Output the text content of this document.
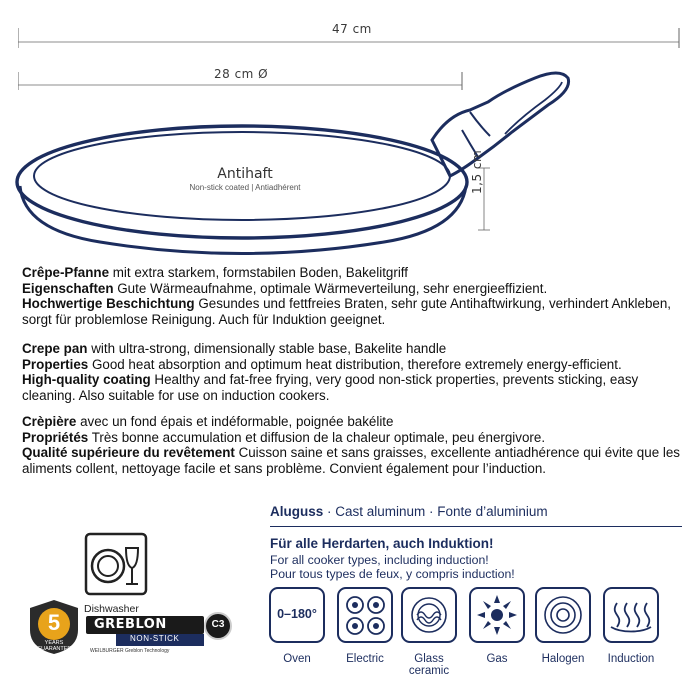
47 cm
28 cm Ø
1,5 cm
Antihaft
Non-stick coated | Antiadhérent

Crêpe-Pfanne mit extra starkem, formstabilen Boden, Bakelitgriff

Eigenschaften Gute Wärmeaufnahme, optimale Wärmeverteilung, sehr energieeffizient.

Hochwertige Beschichtung Gesundes und fettfreies Braten, sehr gute Antihaftwirkung, verhindert Ankleben, sorgt für problemlose Reinigung. Auch für Induktion geeignet.

Crepe pan with ultra-strong, dimensionally stable base, Bakelite handle

Properties Good heat absorption and optimum heat distribution, therefore extremely energy-efficient.

High-quality coating Healthy and fat-free frying, very good non-stick properties, prevents sticking, easy cleaning. Also suitable for use on induction cookers.

Crèpière avec un fond épais et indéformable, poignée bakélite

Propriétés Très bonne accumulation et diffusion de la chaleur optimale, peu énergivore.

Qualité supérieure du revêtement Cuisson saine et sans graisses, excellente antiadhérence qui évite que les aliments collent, nettoyage facile et sans problème. Convient également pour l’induction.

Aluguss · Cast aluminum · Fonte d’aluminium
Für alle Herdarten, auch Induktion!
For all cooker types, including induction!
Pour tous types de feux, y compris induction!
0–180°
Oven	Electric	Glass ceramic
Gas	Halogen	Induction
Dishwasher
5
YEARS GUARANTEE
GREBLON
NON-STICK
C3
WEILBURGER Greblon Technology
